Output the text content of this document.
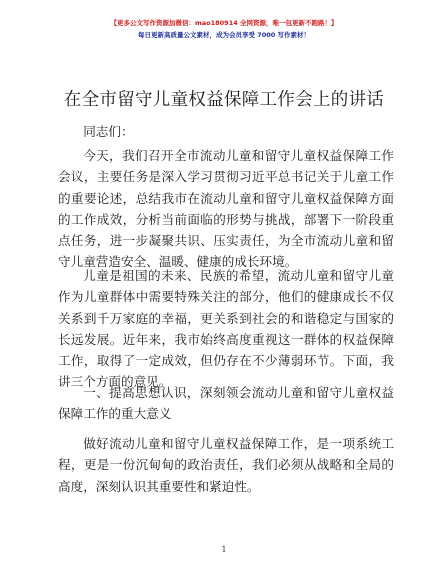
【更多公文写作资源加微信：mao180914 全网资源，唯一包更新不跑路！】
每日更新高质量公文素材，成为会员享受 7000 写作素材！
在全市留守儿童权益保障工作会上的讲话

同志们：

今天，我们召开全市流动儿童和留守儿童权益保障工作会议，主要任务是深入学习贯彻习近平总书记关于儿童工作的重要论述，总结我市在流动儿童和留守儿童权益保障方面的工作成效，分析当前面临的形势与挑战，部署下一阶段重点任务，进一步凝聚共识、压实责任，为全市流动儿童和留守儿童营造安全、温暖、健康的成长环境。

儿童是祖国的未来、民族的希望，流动儿童和留守儿童作为儿童群体中需要特殊关注的部分，他们的健康成长不仅关系到千万家庭的幸福，更关系到社会的和谐稳定与国家的长远发展。近年来，我市始终高度重视这一群体的权益保障工作，取得了一定成效，但仍存在不少薄弱环节。下面，我讲三个方面的意见。

一、提高思想认识，深刻领会流动儿童和留守儿童权益保障工作的重大意义

做好流动儿童和留守儿童权益保障工作，是一项系统工程，更是一份沉甸甸的政治责任，我们必须从战略和全局的高度，深刻认识其重要性和紧迫性。

1
